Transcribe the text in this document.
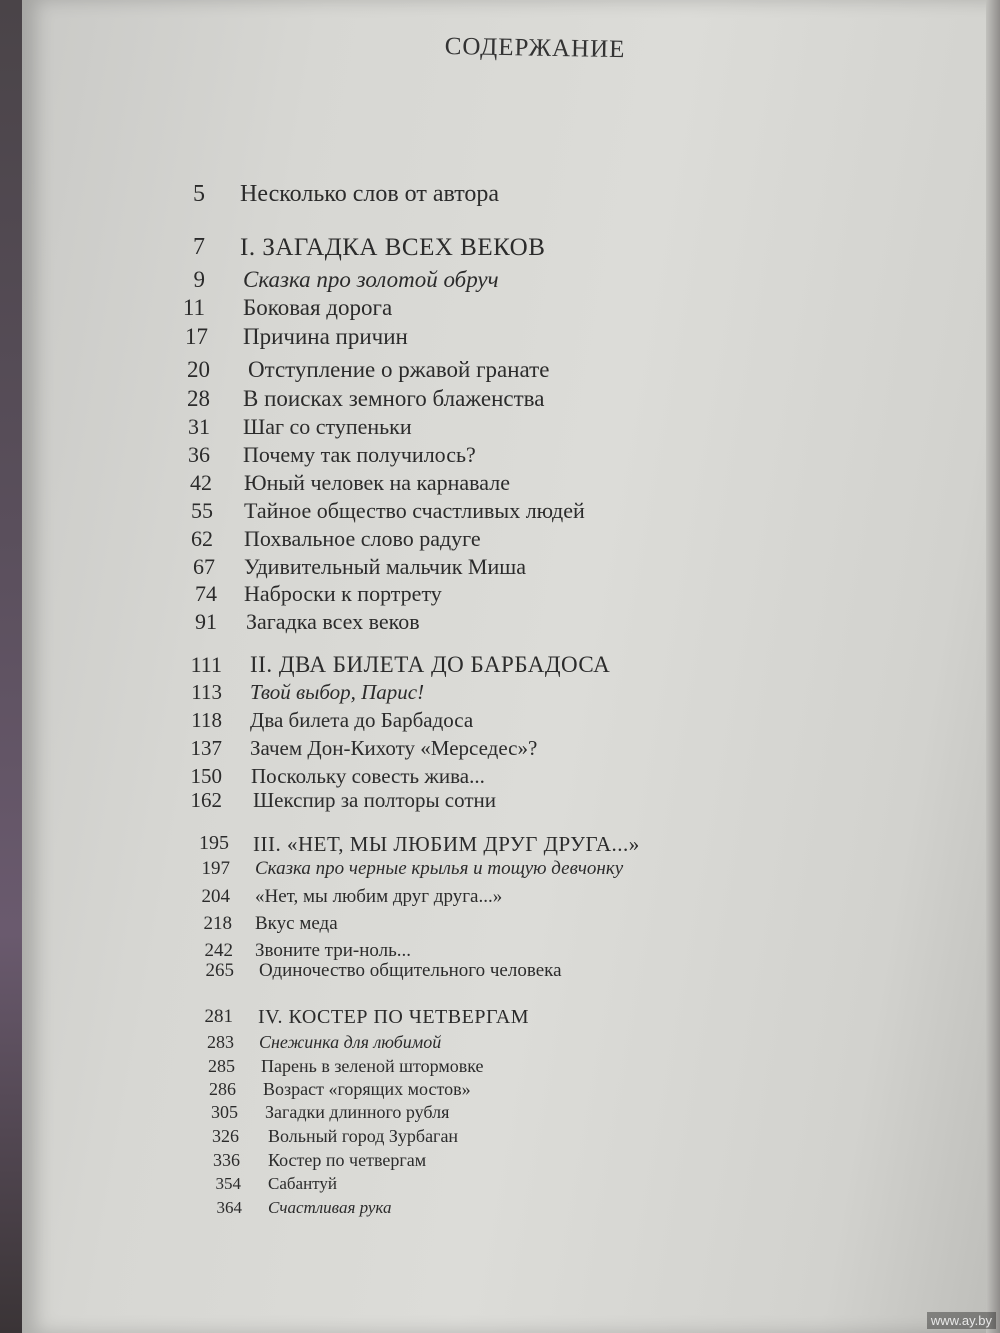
СОДЕРЖАНИЕ
5 Несколько слов от автора
7 I. ЗАГАДКА ВСЕХ ВЕКОВ
9 Сказка про золотой обруч
11 Боковая дорога
17 Причина причин
20 Отступление о ржавой гранате
28 В поисках земного блаженства
31 Шаг со ступеньки
36 Почему так получилось?
42 Юный человек на карнавале
55 Тайное общество счастливых людей
62 Похвальное слово радуге
67 Удивительный мальчик Миша
74 Наброски к портрету
91 Загадка всех веков
111 II. ДВА БИЛЕТА ДО БАРБАДОСА
113 Твой выбор, Парис!
118 Два билета до Барбадоса
137 Зачем Дон-Кихоту «Мерседес»?
150 Поскольку совесть жива...
162 Шекспир за полторы сотни
195 III. «НЕТ, МЫ ЛЮБИМ ДРУГ ДРУГА...»
197 Сказка про черные крылья и тощую девчонку
204 «Нет, мы любим друг друга...»
218 Вкус меда
242 Звоните три-ноль...
265 Одиночество общительного человека
281 IV. КОСТЕР ПО ЧЕТВЕРГАМ
283 Снежинка для любимой
285 Парень в зеленой штормовке
286 Возраст «горящих мостов»
305 Загадки длинного рубля
326 Вольный город Зурбаган
336 Костер по четвергам
354 Сабантуй
364 Счастливая рука
www.ay.by
